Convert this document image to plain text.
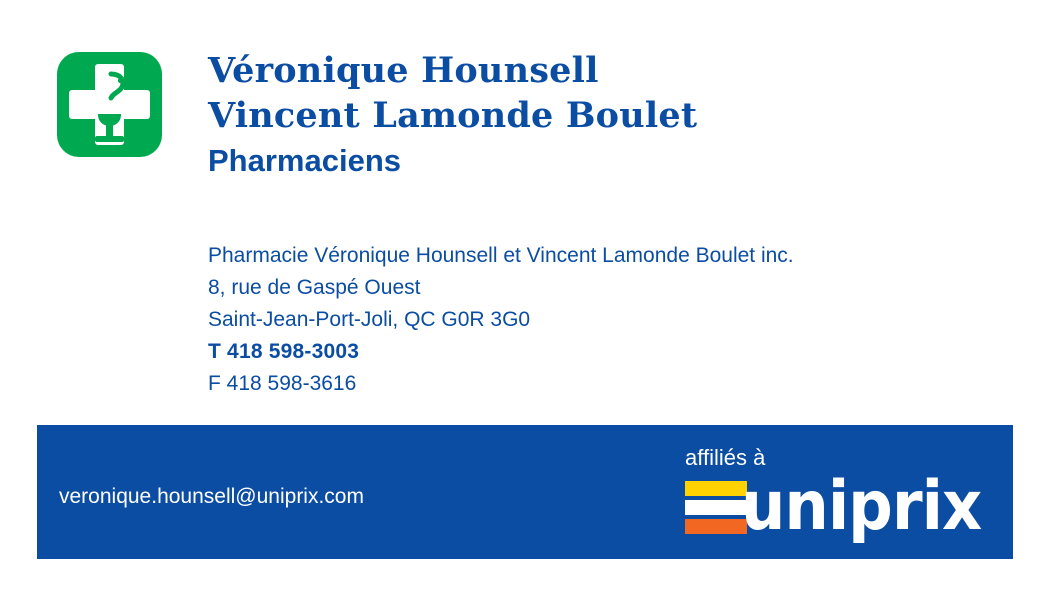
Véronique Hounsell
Vincent Lamonde Boulet
Pharmaciens
Pharmacie Véronique Hounsell et Vincent Lamonde Boulet inc.
8, rue de Gaspé Ouest
Saint-Jean-Port-Joli, QC G0R 3G0
T 418 598-3003
F 418 598-3616
veronique.hounsell@uniprix.com
affiliés à
uniprix
